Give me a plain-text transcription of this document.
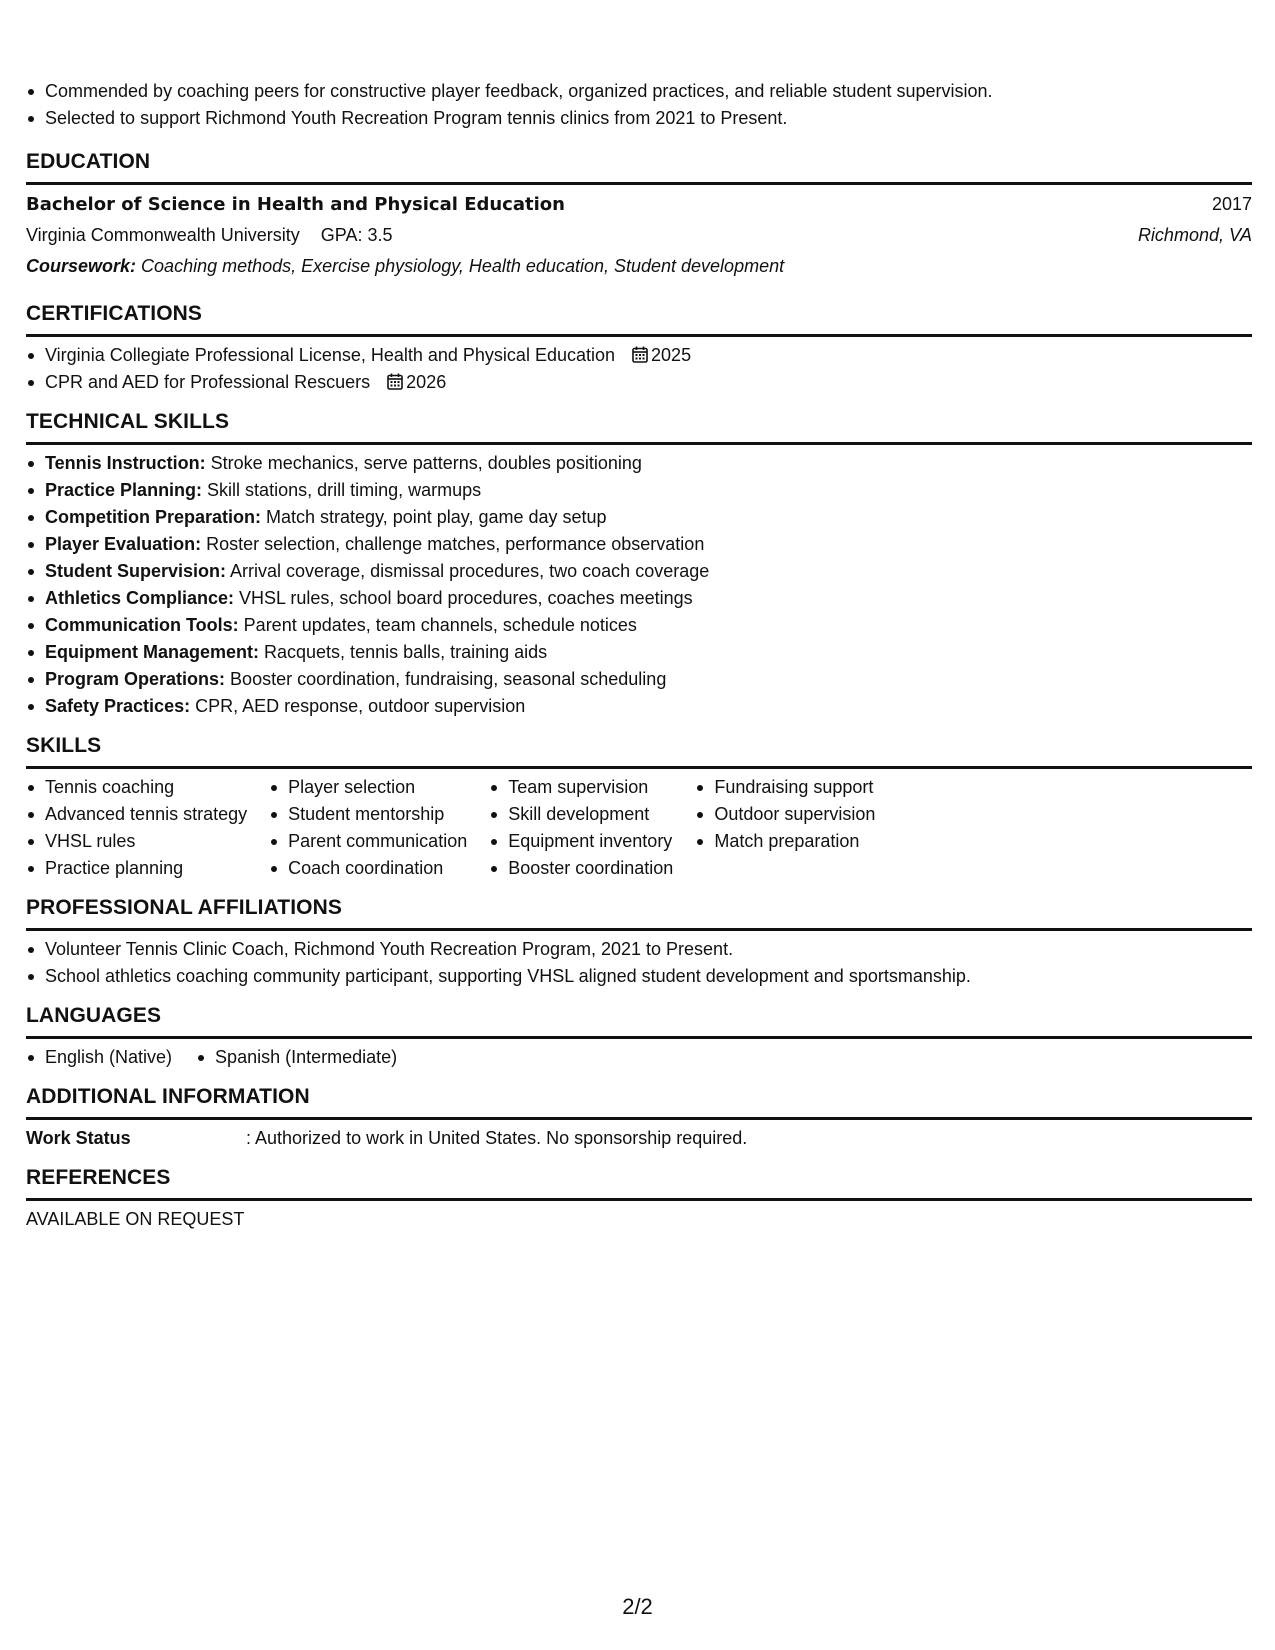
Commended by coaching peers for constructive player feedback, organized practices, and reliable student supervision.
Selected to support Richmond Youth Recreation Program tennis clinics from 2021 to Present.
EDUCATION
Bachelor of Science in Health and Physical Education	2017
Virginia Commonwealth University GPA: 3.5	Richmond, VA
Coursework: Coaching methods, Exercise physiology, Health education, Student development
CERTIFICATIONS
Virginia Collegiate Professional License, Health and Physical Education 2025
CPR and AED for Professional Rescuers 2026
TECHNICAL SKILLS
Tennis Instruction: Stroke mechanics, serve patterns, doubles positioning
Practice Planning: Skill stations, drill timing, warmups
Competition Preparation: Match strategy, point play, game day setup
Player Evaluation: Roster selection, challenge matches, performance observation
Student Supervision: Arrival coverage, dismissal procedures, two coach coverage
Athletics Compliance: VHSL rules, school board procedures, coaches meetings
Communication Tools: Parent updates, team channels, schedule notices
Equipment Management: Racquets, tennis balls, training aids
Program Operations: Booster coordination, fundraising, seasonal scheduling
Safety Practices: CPR, AED response, outdoor supervision
SKILLS
Tennis coaching
Advanced tennis strategy
VHSL rules
Practice planning
Player selection
Student mentorship
Parent communication
Coach coordination
Team supervision
Skill development
Equipment inventory
Booster coordination
Fundraising support
Outdoor supervision
Match preparation
PROFESSIONAL AFFILIATIONS
Volunteer Tennis Clinic Coach, Richmond Youth Recreation Program, 2021 to Present.
School athletics coaching community participant, supporting VHSL aligned student development and sportsmanship.
LANGUAGES
English (Native)	Spanish (Intermediate)
ADDITIONAL INFORMATION
Work Status	: Authorized to work in United States. No sponsorship required.
REFERENCES
AVAILABLE ON REQUEST
2/2
